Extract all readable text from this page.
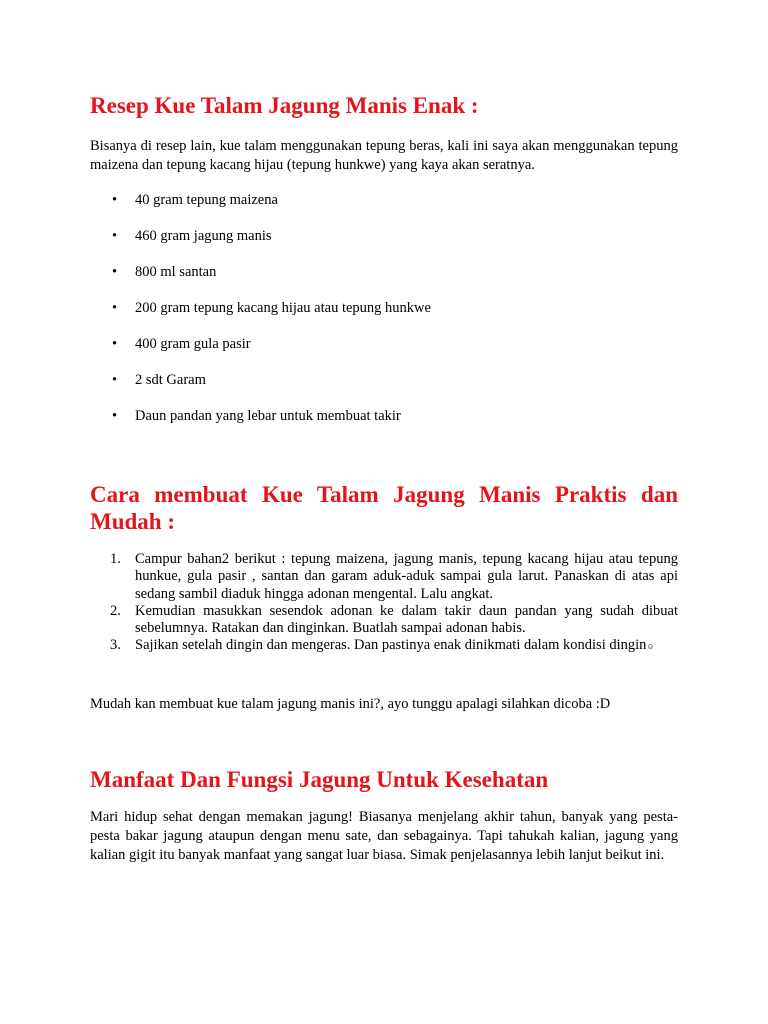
Resep Kue Talam Jagung Manis Enak :

Bisanya di resep lain, kue talam menggunakan tepung beras, kali ini saya akan menggunakan tepung maizena dan tepung kacang hijau (tepung hunkwe) yang kaya akan seratnya.

• 40 gram tepung maizena
• 460 gram jagung manis
• 800 ml santan
• 200 gram tepung kacang hijau atau tepung hunkwe
• 400 gram gula pasir
• 2 sdt Garam
• Daun pandan yang lebar untuk membuat takir
Cara membuat Kue Talam Jagung Manis Praktis dan Mudah :
1. Campur bahan2 berikut : tepung maizena, jagung manis, tepung kacang hijau atau tepung hunkue, gula pasir , santan dan garam aduk-aduk sampai gula larut. Panaskan di atas api sedang sambil diaduk hingga adonan mengental. Lalu angkat.
2. Kemudian masukkan sesendok adonan ke dalam takir daun pandan yang sudah dibuat sebelumnya. Ratakan dan dinginkan. Buatlah sampai adonan habis.
3. Sajikan setelah dingin dan mengeras. Dan pastinya enak dinikmati dalam kondisi dingin☺

Mudah kan membuat kue talam jagung manis ini?, ayo tunggu apalagi silahkan dicoba :D

Manfaat Dan Fungsi Jagung Untuk Kesehatan

Mari hidup sehat dengan memakan jagung! Biasanya menjelang akhir tahun, banyak yang pesta-pesta bakar jagung ataupun dengan menu sate, dan sebagainya. Tapi tahukah kalian, jagung yang kalian gigit itu banyak manfaat yang sangat luar biasa. Simak penjelasannya lebih lanjut beikut ini.
